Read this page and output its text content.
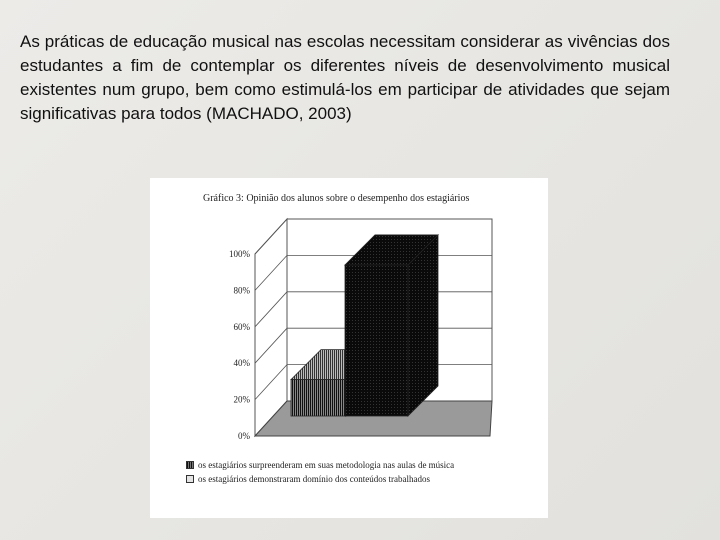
As práticas de educação musical nas escolas necessitam considerar as vivências dos estudantes a fim de contemplar os diferentes níveis de desenvolvimento musical existentes num grupo, bem como estimulá-los em participar de atividades que sejam significativas para todos (MACHADO, 2003)

Gráfico 3: Opinião dos alunos sobre o desempenho dos estagiários
0%
20%
40%
60%
80%
100%
os estagiários surpreenderam em suas metodologia nas aulas de música
os estagiários demonstraram domínio dos conteúdos trabalhados
